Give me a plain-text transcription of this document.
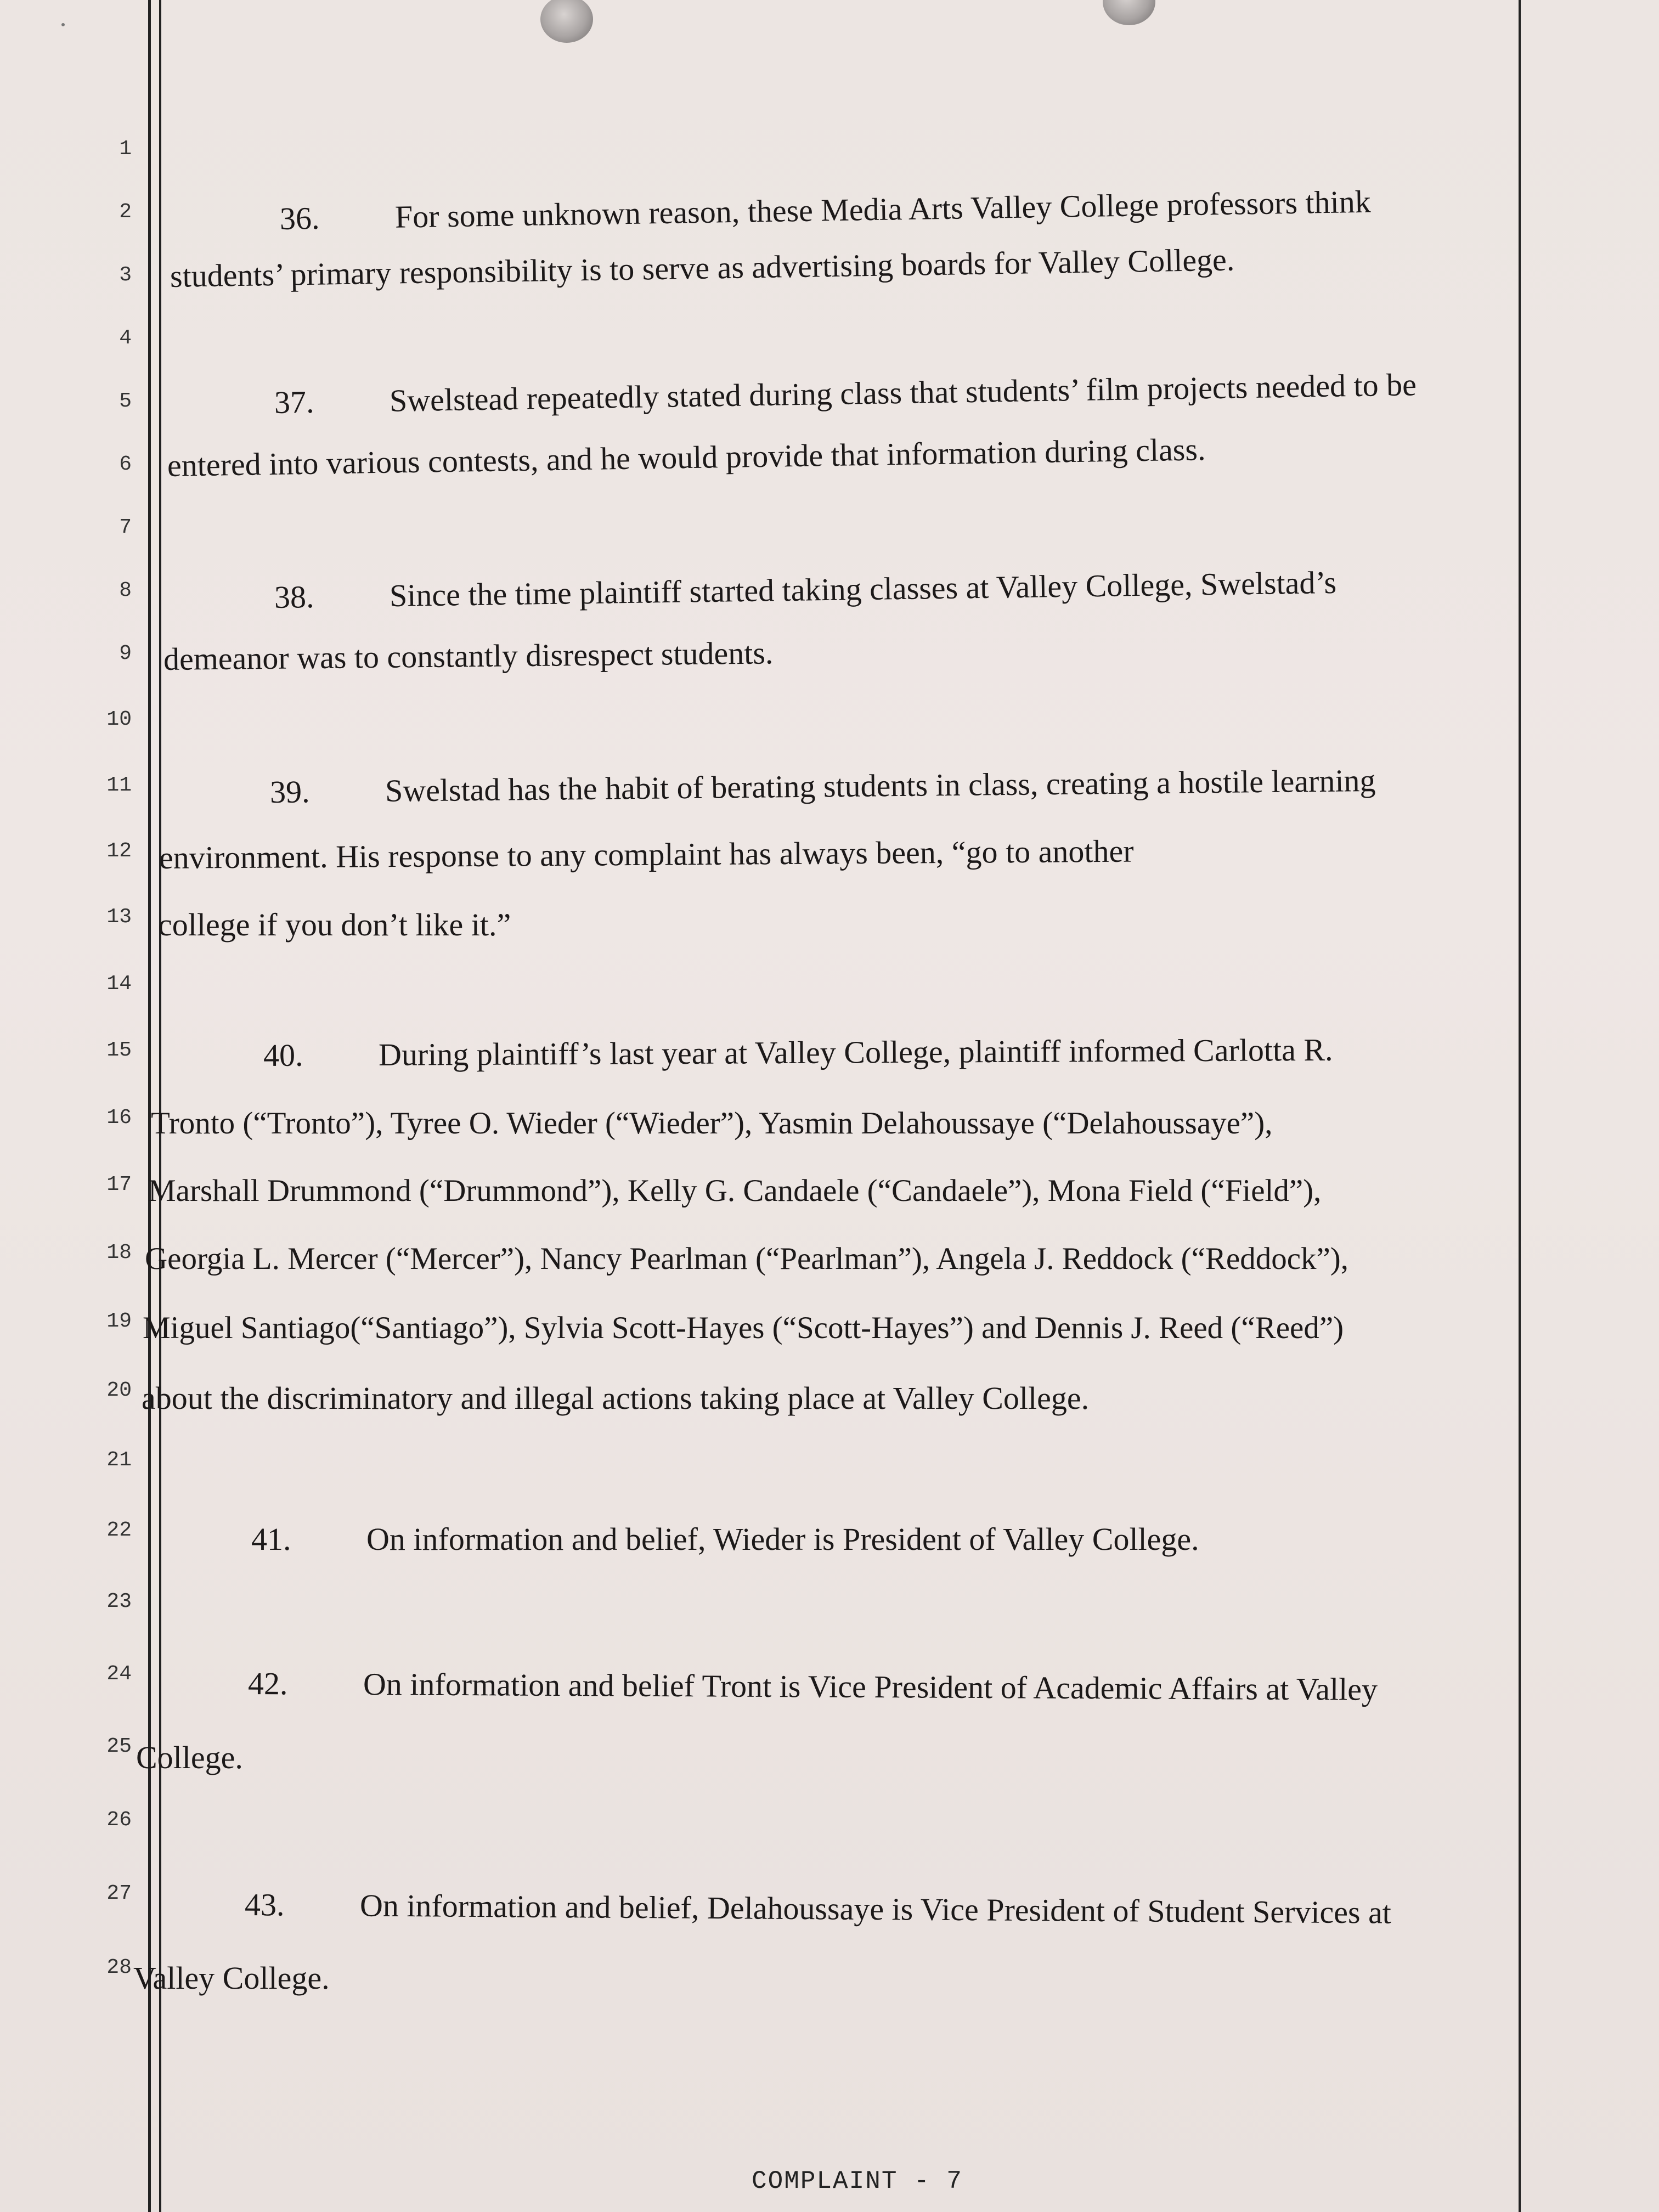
1
2
3
4
5
6
7
8
9
10
11
12
13
14
15
16
17
18
19
20
21
22
23
24
25
26
27
28
36. For some unknown reason, these Media Arts Valley College professors think
students’ primary responsibility is to serve as advertising boards for Valley College.
37. Swelstead repeatedly stated during class that students’ film projects needed to be
entered into various contests, and he would provide that information during class.
38. Since the time plaintiff started taking classes at Valley College, Swelstad’s
demeanor was to constantly disrespect students.
39. Swelstad has the habit of berating students in class, creating a hostile learning
environment. His response to any complaint has always been, “go to another
college if you don’t like it.”
40. During plaintiff’s last year at Valley College, plaintiff informed Carlotta R.
Tronto (“Tronto”), Tyree O. Wieder (“Wieder”), Yasmin Delahoussaye (“Delahoussaye”),
Marshall Drummond (“Drummond”), Kelly G. Candaele (“Candaele”), Mona Field (“Field”),
Georgia L. Mercer (“Mercer”), Nancy Pearlman (“Pearlman”), Angela J. Reddock (“Reddock”),
Miguel Santiago(“Santiago”), Sylvia Scott-Hayes (“Scott-Hayes”) and Dennis J. Reed (“Reed”)
about the discriminatory and illegal actions taking place at Valley College.
41. On information and belief, Wieder is President of Valley College.
42. On information and belief Tront is Vice President of Academic Affairs at Valley
College.
43. On information and belief, Delahoussaye is Vice President of Student Services at
Valley College.
COMPLAINT - 7
